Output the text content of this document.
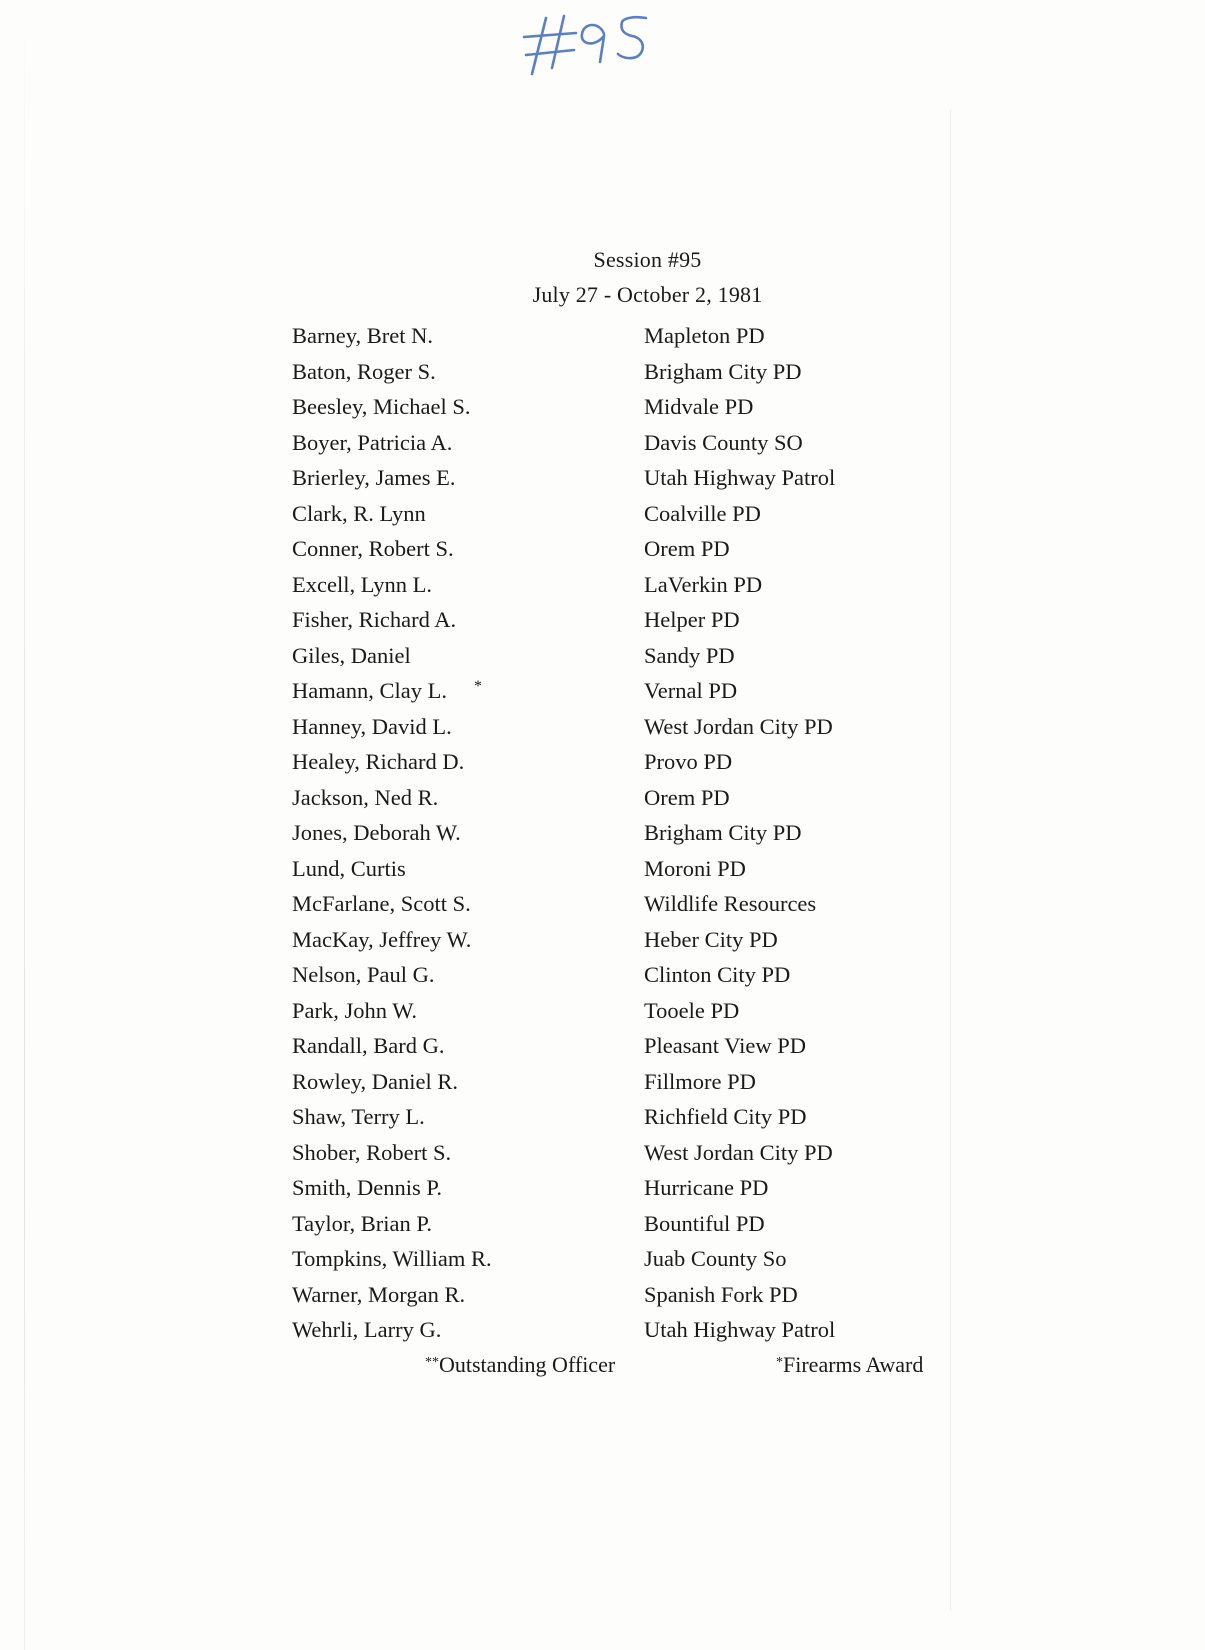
Session #95
July 27 - October 2, 1981
Barney, Bret N.	Mapleton PD
Baton, Roger S.	Brigham City PD
Beesley, Michael S.	Midvale PD
Boyer, Patricia A.	Davis County SO
Brierley, James E.	Utah Highway Patrol
Clark, R. Lynn	Coalville PD
Conner, Robert S.	Orem PD
Excell, Lynn L.	LaVerkin PD
Fisher, Richard A.	Helper PD
Giles, Daniel	Sandy PD
Hamann, Clay L. *	Vernal PD
Hanney, David L.	West Jordan City PD
Healey, Richard D.	Provo PD
Jackson, Ned R.	Orem PD
Jones, Deborah W.	Brigham City PD
Lund, Curtis	Moroni PD
McFarlane, Scott S.	Wildlife Resources
MacKay, Jeffrey W.	Heber City PD
Nelson, Paul G.	Clinton City PD
Park, John W.	Tooele PD
Randall, Bard G.	Pleasant View PD
Rowley, Daniel R.	Fillmore PD
Shaw, Terry L.	Richfield City PD
Shober, Robert S.	West Jordan City PD
Smith, Dennis P.	Hurricane PD
Taylor, Brian P.	Bountiful PD
Tompkins, William R.	Juab County So
Warner, Morgan R.	Spanish Fork PD
Wehrli, Larry G.	Utah Highway Patrol
**Outstanding Officer	*Firearms Award
